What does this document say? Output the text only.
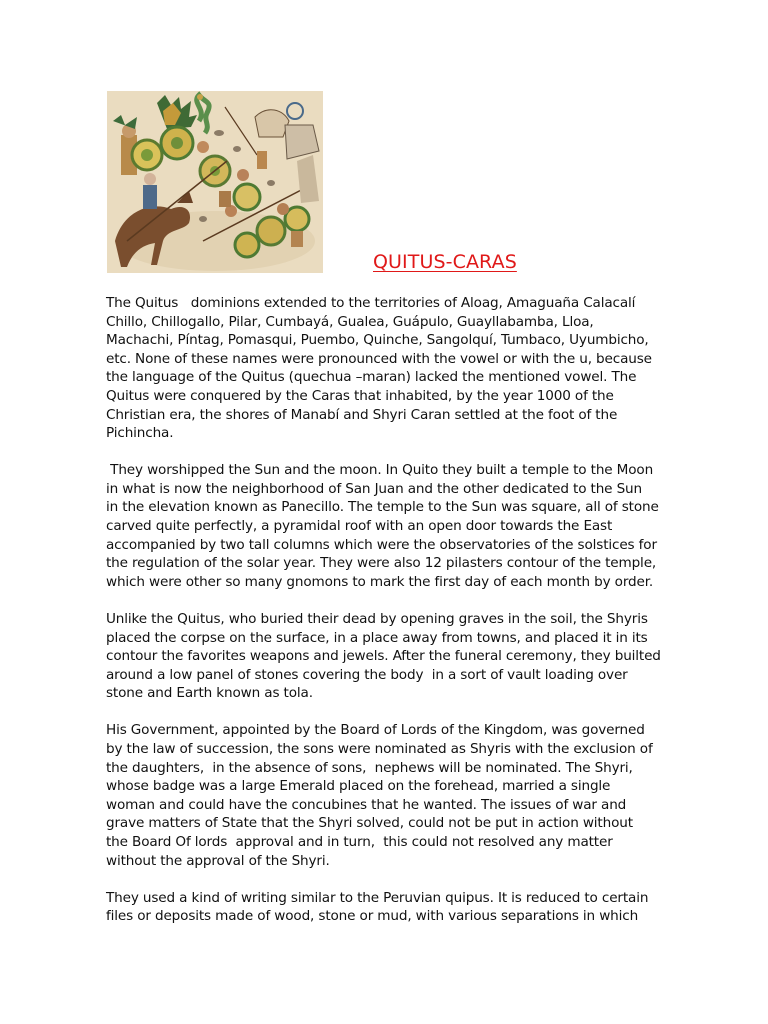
QUITUS-CARAS
The Quitus   dominions extended to the territories of Aloag, Amaguaña Calacalí
Chillo, Chillogallo, Pilar, Cumbayá, Gualea, Guápulo, Guayllabamba, Lloa,
Machachi, Píntag, Pomasqui, Puembo, Quinche, Sangolquí, Tumbaco, Uyumbicho,
etc. None of these names were pronounced with the vowel or with the u, because
the language of the Quitus (quechua –maran) lacked the mentioned vowel. The
Quitus were conquered by the Caras that inhabited, by the year 1000 of the
Christian era, the shores of Manabí and Shyri Caran settled at the foot of the
Pichincha.
They worshipped the Sun and the moon. In Quito they built a temple to the Moon
in what is now the neighborhood of San Juan and the other dedicated to the Sun
in the elevation known as Panecillo. The temple to the Sun was square, all of stone
carved quite perfectly, a pyramidal roof with an open door towards the East
accompanied by two tall columns which were the observatories of the solstices for
the regulation of the solar year. They were also 12 pilasters contour of the temple,
which were other so many gnomons to mark the first day of each month by order.
Unlike the Quitus, who buried their dead by opening graves in the soil, the Shyris
placed the corpse on the surface, in a place away from towns, and placed it in its
contour the favorites weapons and jewels. After the funeral ceremony, they builted
around a low panel of stones covering the body  in a sort of vault loading over
stone and Earth known as tola.
His Government, appointed by the Board of Lords of the Kingdom, was governed
by the law of succession, the sons were nominated as Shyris with the exclusion of
the daughters,  in the absence of sons,  nephews will be nominated. The Shyri,
whose badge was a large Emerald placed on the forehead, married a single
woman and could have the concubines that he wanted. The issues of war and
grave matters of State that the Shyri solved, could not be put in action without
the Board Of lords  approval and in turn,  this could not resolved any matter
without the approval of the Shyri.
They used a kind of writing similar to the Peruvian quipus. It is reduced to certain
files or deposits made of wood, stone or mud, with various separations in which
